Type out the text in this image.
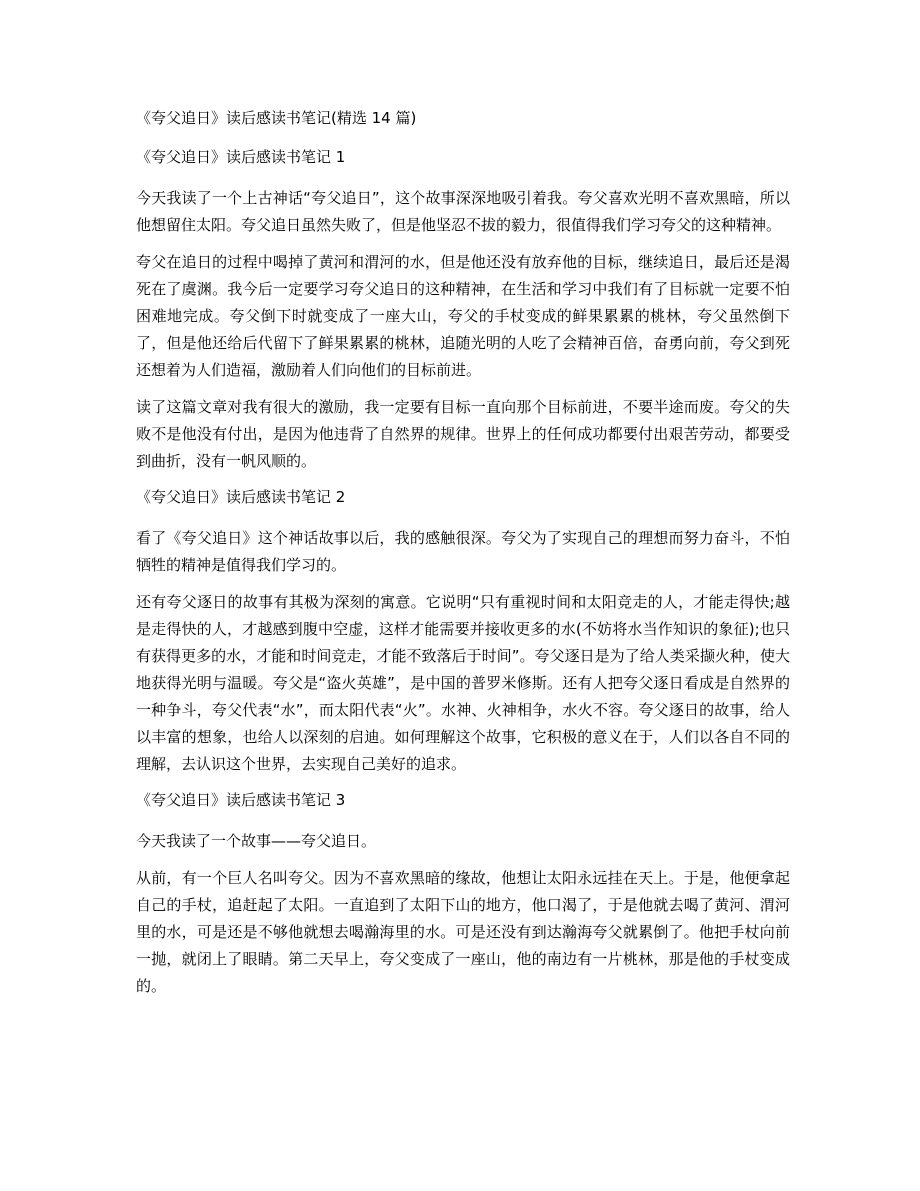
《夸父追日》读后感读书笔记(精选 14 篇)
《夸父追日》读后感读书笔记 1

今天我读了一个上古神话“夸父追日”，这个故事深深地吸引着我。夸父喜欢光明不喜欢黑暗，所以他想留住太阳。夸父追日虽然失败了，但是他坚忍不拔的毅力，很值得我们学习夸父的这种精神。

夸父在追日的过程中喝掉了黄河和渭河的水，但是他还没有放弃他的目标，继续追日，最后还是渴死在了虞渊。我今后一定要学习夸父追日的这种精神，在生活和学习中我们有了目标就一定要不怕困难地完成。夸父倒下时就变成了一座大山，夸父的手杖变成的鲜果累累的桃林，夸父虽然倒下了，但是他还给后代留下了鲜果累累的桃林，追随光明的人吃了会精神百倍，奋勇向前，夸父到死还想着为人们造福，激励着人们向他们的目标前进。

读了这篇文章对我有很大的激励，我一定要有目标一直向那个目标前进，不要半途而废。夸父的失败不是他没有付出，是因为他违背了自然界的规律。世界上的任何成功都要付出艰苦劳动，都要受到曲折，没有一帆风顺的。

《夸父追日》读后感读书笔记 2

看了《夸父追日》这个神话故事以后，我的感触很深。夸父为了实现自己的理想而努力奋斗，不怕牺牲的精神是值得我们学习的。

还有夸父逐日的故事有其极为深刻的寓意。它说明“只有重视时间和太阳竞走的人，才能走得快;越是走得快的人，才越感到腹中空虚，这样才能需要并接收更多的水(不妨将水当作知识的象征);也只有获得更多的水，才能和时间竞走，才能不致落后于时间”。夸父逐日是为了给人类采撷火种，使大地获得光明与温暖。夸父是“盗火英雄”，是中国的普罗米修斯。还有人把夸父逐日看成是自然界的一种争斗，夸父代表“水”，而太阳代表“火”。水神、火神相争，水火不容。夸父逐日的故事，给人以丰富的想象，也给人以深刻的启迪。如何理解这个故事，它积极的意义在于，人们以各自不同的理解，去认识这个世界，去实现自己美好的追求。

《夸父追日》读后感读书笔记 3

今天我读了一个故事——夸父追日。

从前，有一个巨人名叫夸父。因为不喜欢黑暗的缘故，他想让太阳永远挂在天上。于是，他便拿起自己的手杖，追赶起了太阳。一直追到了太阳下山的地方，他口渴了，于是他就去喝了黄河、渭河里的水，可是还是不够他就想去喝瀚海里的水。可是还没有到达瀚海夸父就累倒了。他把手杖向前一抛，就闭上了眼睛。第二天早上，夸父变成了一座山，他的南边有一片桃林，那是他的手杖变成的。
